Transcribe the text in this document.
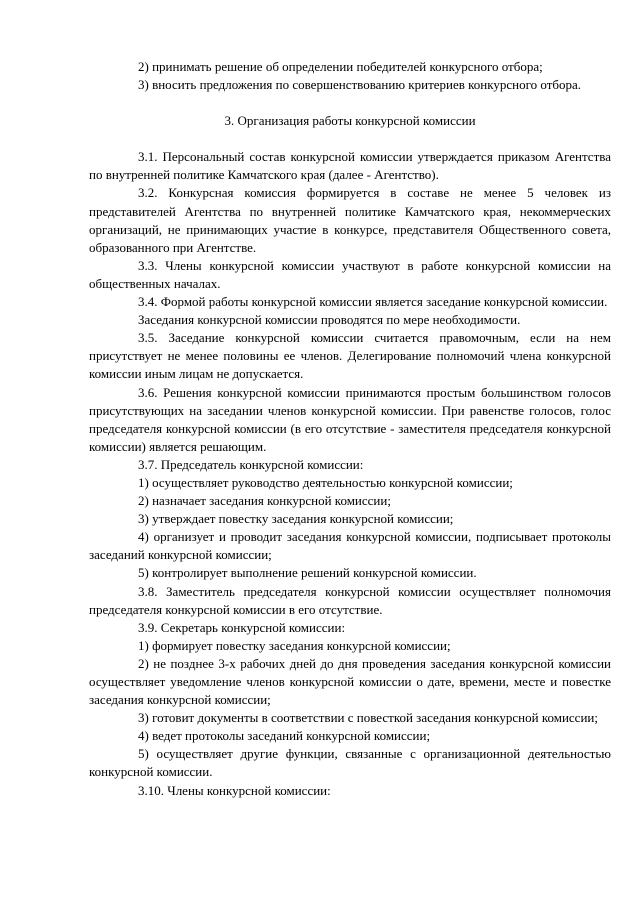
2) принимать решение об определении победителей конкурсного отбора;

3) вносить предложения по совершенствованию критериев конкурсного отбора.

3. Организация работы конкурсной комиссии

3.1. Персональный состав конкурсной комиссии утверждается приказом Агентства по внутренней политике Камчатского края (далее - Агентство).

3.2. Конкурсная комиссия формируется в составе не менее 5 человек из представителей Агентства по внутренней политике Камчатского края, некоммерческих организаций, не принимающих участие в конкурсе, представителя Общественного совета, образованного при Агентстве.

3.3. Члены конкурсной комиссии участвуют в работе конкурсной комиссии на общественных началах.

3.4. Формой работы конкурсной комиссии является заседание конкурсной комиссии.

Заседания конкурсной комиссии проводятся по мере необходимости.

3.5. Заседание конкурсной комиссии считается правомочным, если на нем присутствует не менее половины ее членов. Делегирование полномочий члена конкурсной комиссии иным лицам не допускается.

3.6. Решения конкурсной комиссии принимаются простым большинством голосов присутствующих на заседании членов конкурсной комиссии. При равенстве голосов, голос председателя конкурсной комиссии (в его отсутствие - заместителя председателя конкурсной комиссии) является решающим.

3.7. Председатель конкурсной комиссии:

1) осуществляет руководство деятельностью конкурсной комиссии;

2) назначает заседания конкурсной комиссии;

3) утверждает повестку заседания конкурсной комиссии;

4) организует и проводит заседания конкурсной комиссии, подписывает протоколы заседаний конкурсной комиссии;

5) контролирует выполнение решений конкурсной комиссии.

3.8. Заместитель председателя конкурсной комиссии осуществляет полномочия председателя конкурсной комиссии в его отсутствие.

3.9. Секретарь конкурсной комиссии:

1) формирует повестку заседания конкурсной комиссии;

2) не позднее 3-х рабочих дней до дня проведения заседания конкурсной комиссии осуществляет уведомление членов конкурсной комиссии о дате, времени, месте и повестке заседания конкурсной комиссии;

3) готовит документы в соответствии с повесткой заседания конкурсной комиссии;

4) ведет протоколы заседаний конкурсной комиссии;

5) осуществляет другие функции, связанные с организационной деятельностью конкурсной комиссии.

3.10. Члены конкурсной комиссии:
